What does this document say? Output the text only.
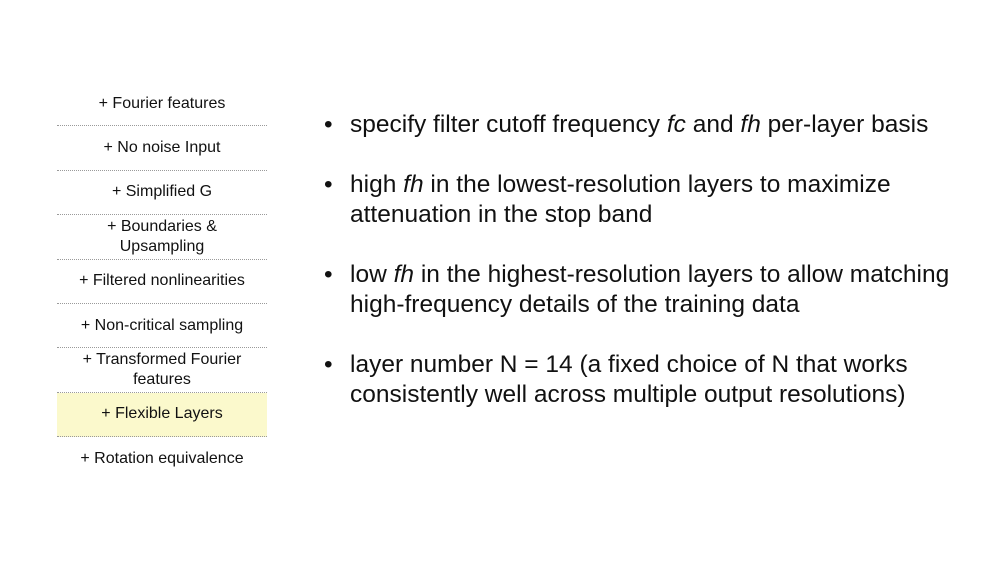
+ Fourier features
+ No noise Input
+ Simplified G
+ Boundaries &
Upsampling
+ Filtered nonlinearities
+ Non-critical sampling
+ Transformed Fourier
features
+ Flexible Layers
+ Rotation equivalence
• specify filter cutoff frequency fc and fh per-layer basis
• high fh in the lowest-resolution layers to maximize attenuation in the stop band
• low fh in the highest-resolution layers to allow matching high-frequency details of the training data
• layer number N = 14 (a fixed choice of N that works consistently well across multiple output resolutions)
